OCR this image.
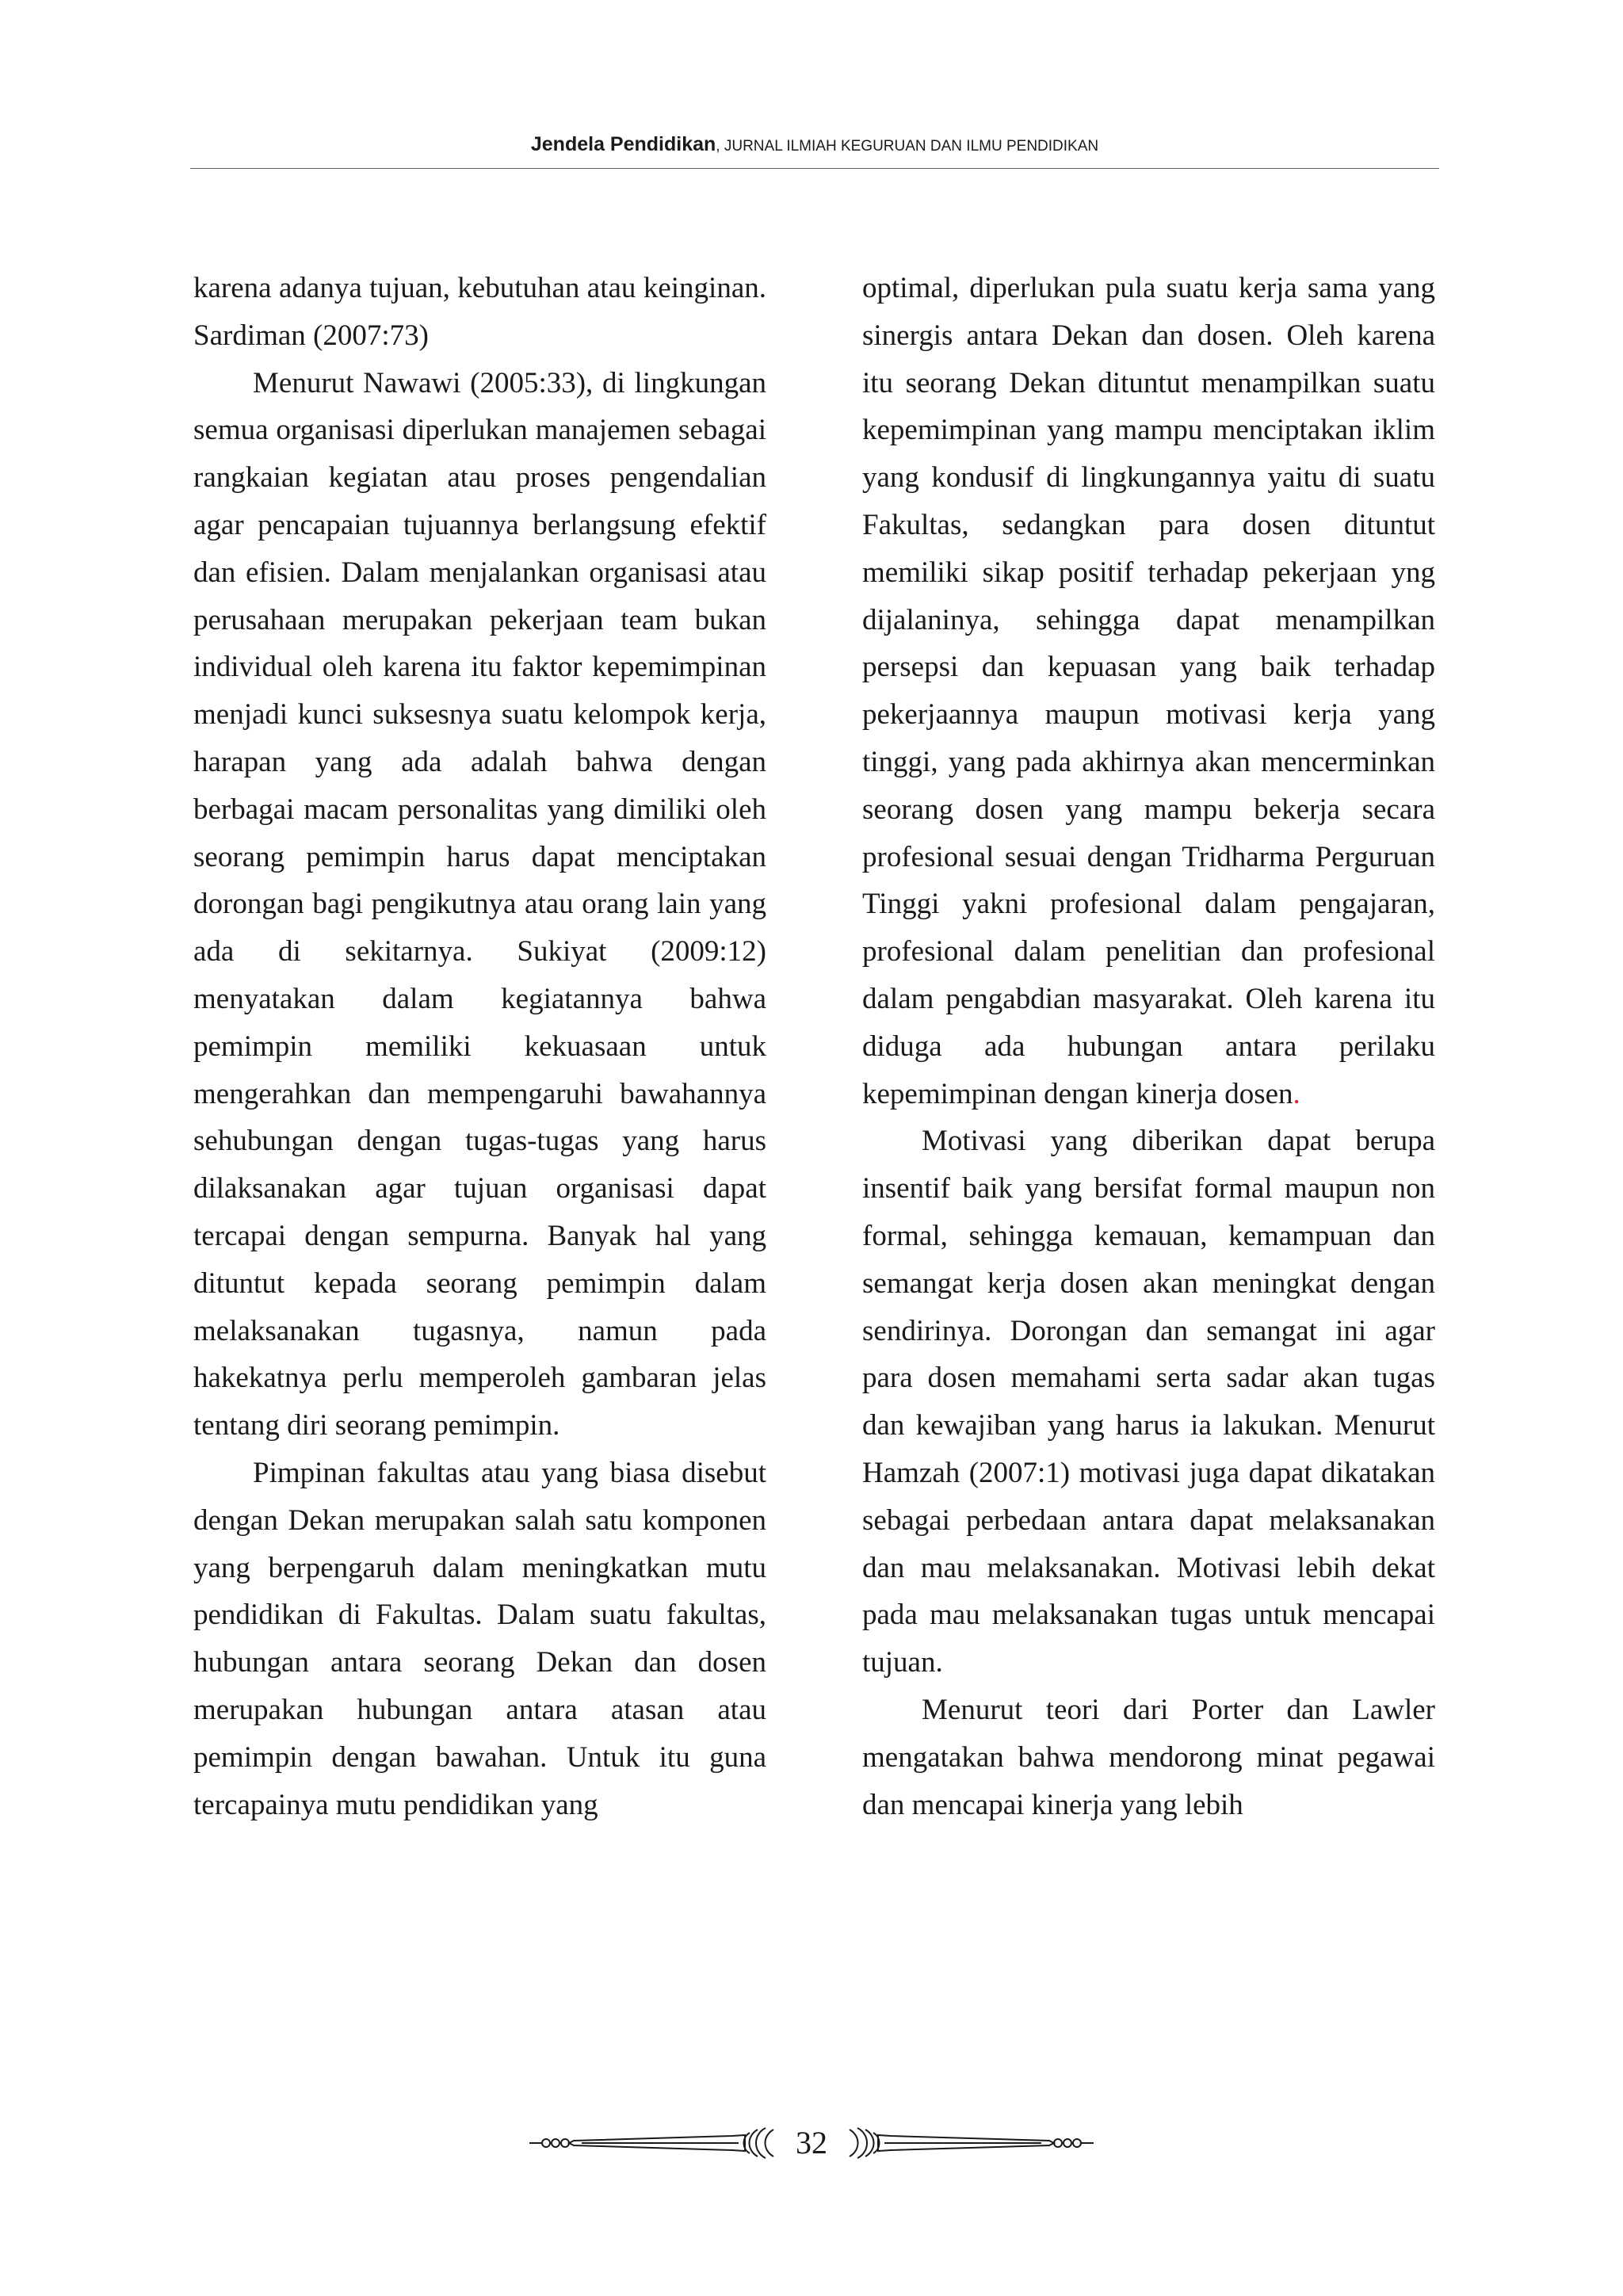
Jendela Pendidikan, JURNAL ILMIAH KEGURUAN DAN ILMU PENDIDIKAN

karena adanya tujuan, kebutuhan atau keinginan. Sardiman (2007:73)

Menurut Nawawi (2005:33), di lingkungan semua organisasi diperlukan manajemen sebagai rangkaian kegiatan atau proses pengendalian agar pencapaian tujuannya berlangsung efektif dan efisien. Dalam menjalankan organisasi atau perusahaan merupakan pekerjaan team bukan individual oleh karena itu faktor kepemimpinan menjadi kunci suksesnya suatu kelompok kerja, harapan yang ada adalah bahwa dengan berbagai macam personalitas yang dimiliki oleh seorang pemimpin harus dapat menciptakan dorongan bagi pengikutnya atau orang lain yang ada di sekitarnya. Sukiyat (2009:12) menyatakan dalam kegiatannya bahwa pemimpin memiliki kekuasaan untuk mengerahkan dan mempengaruhi bawahannya sehubungan dengan tugas-tugas yang harus dilaksanakan agar tujuan organisasi dapat tercapai dengan sempurna. Banyak hal yang dituntut kepada seorang pemimpin dalam melaksanakan tugasnya, namun pada hakekatnya perlu memperoleh gambaran jelas tentang diri seorang pemimpin.

Pimpinan fakultas atau yang biasa disebut dengan Dekan merupakan salah satu komponen yang berpengaruh dalam meningkatkan mutu pendidikan di Fakultas. Dalam suatu fakultas, hubungan antara seorang Dekan dan dosen merupakan hubungan antara atasan atau pemimpin dengan bawahan. Untuk itu guna tercapainya mutu pendidikan yang

optimal, diperlukan pula suatu kerja sama yang sinergis antara Dekan dan dosen. Oleh karena itu seorang Dekan dituntut menampilkan suatu kepemimpinan yang mampu menciptakan iklim yang kondusif di lingkungannya yaitu di suatu Fakultas, sedangkan para dosen dituntut memiliki sikap positif terhadap pekerjaan yng dijalaninya, sehingga dapat menampilkan persepsi dan kepuasan yang baik terhadap pekerjaannya maupun motivasi kerja yang tinggi, yang pada akhirnya akan mencerminkan seorang dosen yang mampu bekerja secara profesional sesuai dengan Tridharma Perguruan Tinggi yakni profesional dalam pengajaran, profesional dalam penelitian dan profesional dalam pengabdian masyarakat. Oleh karena itu diduga ada hubungan antara perilaku kepemimpinan dengan kinerja dosen.

Motivasi yang diberikan dapat berupa insentif baik yang bersifat formal maupun non formal, sehingga kemauan, kemampuan dan semangat kerja dosen akan meningkat dengan sendirinya. Dorongan dan semangat ini agar para dosen memahami serta sadar akan tugas dan kewajiban yang harus ia lakukan. Menurut Hamzah (2007:1) motivasi juga dapat dikatakan sebagai perbedaan antara dapat melaksanakan dan mau melaksanakan. Motivasi lebih dekat pada mau melaksanakan tugas untuk mencapai tujuan.

Menurut teori dari Porter dan Lawler mengatakan bahwa mendorong minat pegawai dan mencapai kinerja yang lebih

32
